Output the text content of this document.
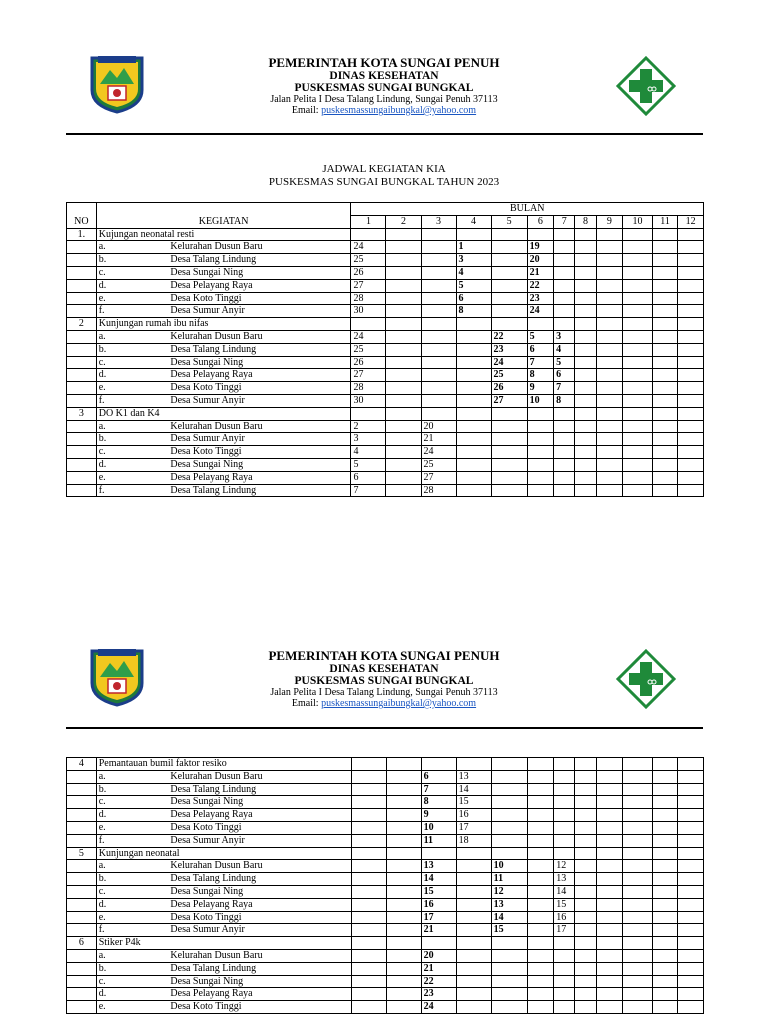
PEMERINTAH KOTA SUNGAI PENUH
DINAS KESEHATAN
PUSKESMAS SUNGAI BUNGKAL
Jalan Pelita I Desa Talang Lindung, Sungai Penuh 37113
Email: puskesmassungaibungkal@yahoo.com
JADWAL KEGIATAN KIA
PUSKESMAS SUNGAI BUNGKAL TAHUN 2023
NO	KEGIATAN		BULAN											
			1	2	3	4	5	6	7	8	9	10	11	12
1.	Kujungan neonatal resti													
	a.	Kelurahan Dusun Baru	24			1		19						
	b.	Desa Talang Lindung	25			3		20						
	c.	Desa Sungai Ning	26			4		21						
	d.	Desa Pelayang Raya	27			5		22						
	e.	Desa Koto Tinggi	28			6		23						
	f.	Desa Sumur Anyir	30			8		24						
2	Kunjungan rumah ibu nifas													
	a.	Kelurahan Dusun Baru	24				22	5	3					
	b.	Desa Talang Lindung	25				23	6	4					
	c.	Desa Sungai Ning	26				24	7	5					
	d.	Desa Pelayang Raya	27				25	8	6					
	e.	Desa Koto Tinggi	28				26	9	7					
	f.	Desa Sumur Anyir	30				27	10	8					
3	DO K1 dan K4													
	a.	Kelurahan Dusun Baru	2		20									
	b.	Desa Sumur Anyir	3		21									
	c.	Desa Koto Tinggi	4		24									
	d.	Desa Sungai Ning	5		25									
	e.	Desa Pelayang Raya	6		27									
	f.	Desa Talang Lindung	7		28									
PEMERINTAH KOTA SUNGAI PENUH
DINAS KESEHATAN
PUSKESMAS SUNGAI BUNGKAL
Jalan Pelita I Desa Talang Lindung, Sungai Penuh 37113
Email: puskesmassungaibungkal@yahoo.com
4	Pemantauan bumil faktor resiko													
	a.	Kelurahan Dusun Baru			6	13								
	b.	Desa Talang Lindung			7	14								
	c.	Desa Sungai Ning			8	15								
	d.	Desa Pelayang Raya			9	16								
	e.	Desa Koto Tinggi			10	17								
	f.	Desa Sumur Anyir			11	18								
5	Kunjungan neonatal													
	a.	Kelurahan Dusun Baru			13		10		12					
	b.	Desa Talang Lindung			14		11		13					
	c.	Desa Sungai Ning			15		12		14					
	d.	Desa Pelayang Raya			16		13		15					
	e.	Desa Koto Tinggi			17		14		16					
	f.	Desa Sumur Anyir			21		15		17					
6	Stiker P4k													
	a.	Kelurahan Dusun Baru			20									
	b.	Desa Talang Lindung			21									
	c.	Desa Sungai Ning			22									
	d.	Desa Pelayang Raya			23									
	e.	Desa Koto Tinggi			24									
